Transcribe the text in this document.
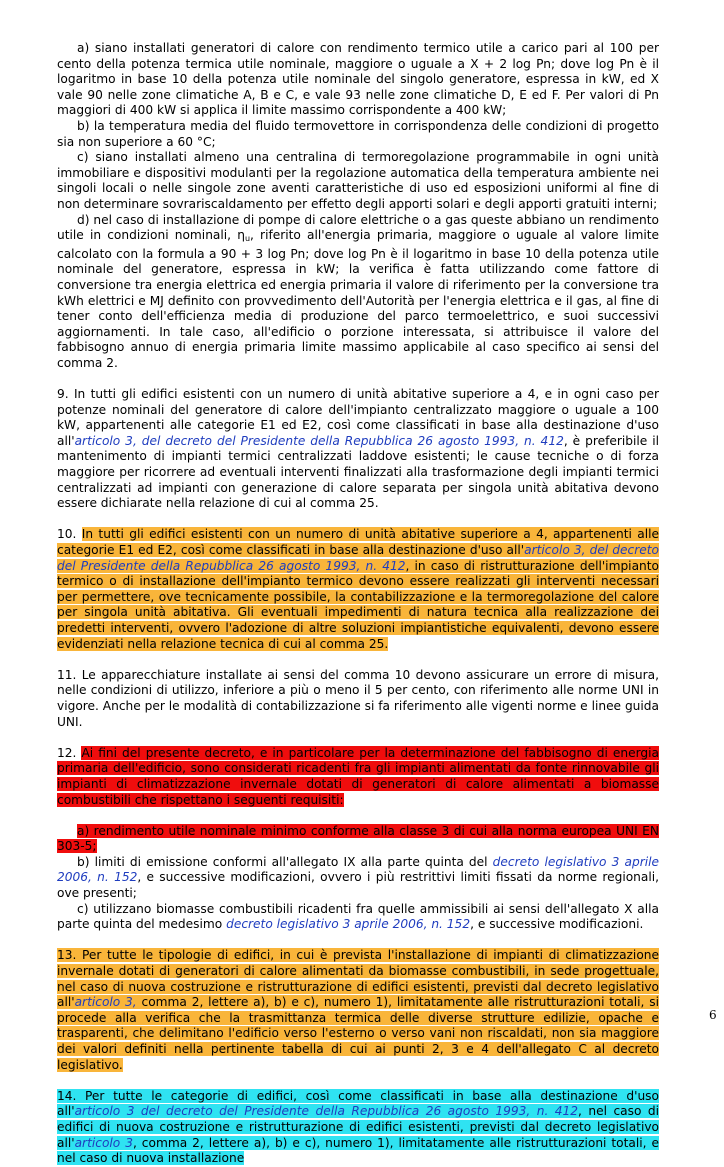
a) siano installati generatori di calore con rendimento termico utile a carico pari al 100 per cento della potenza termica utile nominale, maggiore o uguale a X + 2 log Pn; dove log Pn è il logaritmo in base 10 della potenza utile nominale del singolo generatore, espressa in kW, ed X vale 90 nelle zone climatiche A, B e C, e vale 93 nelle zone climatiche D, E ed F. Per valori di Pn maggiori di 400 kW si applica il limite massimo corrispondente a 400 kW;

b) la temperatura media del fluido termovettore in corrispondenza delle condizioni di progetto sia non superiore a 60 °C;

c) siano installati almeno una centralina di termoregolazione programmabile in ogni unità immobiliare e dispositivi modulanti per la regolazione automatica della temperatura ambiente nei singoli locali o nelle singole zone aventi caratteristiche di uso ed esposizioni uniformi al fine di non determinare sovrariscaldamento per effetto degli apporti solari e degli apporti gratuiti interni;

d) nel caso di installazione di pompe di calore elettriche o a gas queste abbiano un rendimento utile in condizioni nominali, $\eta_u$, riferito all'energia primaria, maggiore o uguale al valore limite calcolato con la formula a 90 + 3 log Pn; dove log Pn è il logaritmo in base 10 della potenza utile nominale del generatore, espressa in kW; la verifica è fatta utilizzando come fattore di conversione tra energia elettrica ed energia primaria il valore di riferimento per la conversione tra kWh elettrici e MJ definito con provvedimento dell'Autorità per l'energia elettrica e il gas, al fine di tener conto dell'efficienza media di produzione del parco termoelettrico, e suoi successivi aggiornamenti. In tale caso, all'edificio o porzione interessata, si attribuisce il valore del fabbisogno annuo di energia primaria limite massimo applicabile al caso specifico ai sensi del comma 2.

9. In tutti gli edifici esistenti con un numero di unità abitative superiore a 4, e in ogni caso per potenze nominali del generatore di calore dell'impianto centralizzato maggiore o uguale a 100 kW, appartenenti alle categorie E1 ed E2, così come classificati in base alla destinazione d'uso all'articolo 3, del decreto del Presidente della Repubblica 26 agosto 1993, n. 412, è preferibile il mantenimento di impianti termici centralizzati laddove esistenti; le cause tecniche o di forza maggiore per ricorrere ad eventuali interventi finalizzati alla trasformazione degli impianti termici centralizzati ad impianti con generazione di calore separata per singola unità abitativa devono essere dichiarate nella relazione di cui al comma 25.

10. In tutti gli edifici esistenti con un numero di unità abitative superiore a 4, appartenenti alle categorie E1 ed E2, così come classificati in base alla destinazione d'uso all'articolo 3, del decreto del Presidente della Repubblica 26 agosto 1993, n. 412, in caso di ristrutturazione dell'impianto termico o di installazione dell'impianto termico devono essere realizzati gli interventi necessari per permettere, ove tecnicamente possibile, la contabilizzazione e la termoregolazione del calore per singola unità abitativa. Gli eventuali impedimenti di natura tecnica alla realizzazione dei predetti interventi, ovvero l'adozione di altre soluzioni impiantistiche equivalenti, devono essere evidenziati nella relazione tecnica di cui al comma 25.

11. Le apparecchiature installate ai sensi del comma 10 devono assicurare un errore di misura, nelle condizioni di utilizzo, inferiore a più o meno il 5 per cento, con riferimento alle norme UNI in vigore. Anche per le modalità di contabilizzazione si fa riferimento alle vigenti norme e linee guida UNI.

12. Ai fini del presente decreto, e in particolare per la determinazione del fabbisogno di energia primaria dell'edificio, sono considerati ricadenti fra gli impianti alimentati da fonte rinnovabile gli impianti di climatizzazione invernale dotati di generatori di calore alimentati a biomasse combustibili che rispettano i seguenti requisiti:

a) rendimento utile nominale minimo conforme alla classe 3 di cui alla norma europea UNI EN 303-5;

b) limiti di emissione conformi all'allegato IX alla parte quinta del decreto legislativo 3 aprile 2006, n. 152, e successive modificazioni, ovvero i più restrittivi limiti fissati da norme regionali, ove presenti;

c) utilizzano biomasse combustibili ricadenti fra quelle ammissibili ai sensi dell'allegato X alla parte quinta del medesimo decreto legislativo 3 aprile 2006, n. 152, e successive modificazioni.

13. Per tutte le tipologie di edifici, in cui è prevista l'installazione di impianti di climatizzazione invernale dotati di generatori di calore alimentati da biomasse combustibili, in sede progettuale, nel caso di nuova costruzione e ristrutturazione di edifici esistenti, previsti dal decreto legislativo all'articolo 3, comma 2, lettere a), b) e c), numero 1), limitatamente alle ristrutturazioni totali, si procede alla verifica che la trasmittanza termica delle diverse strutture edilizie, opache e trasparenti, che delimitano l'edificio verso l'esterno o verso vani non riscaldati, non sia maggiore dei valori definiti nella pertinente tabella di cui ai punti 2, 3 e 4 dell'allegato C al decreto legislativo.

14. Per tutte le categorie di edifici, così come classificati in base alla destinazione d'uso all'articolo 3 del decreto del Presidente della Repubblica 26 agosto 1993, n. 412, nel caso di edifici di nuova costruzione e ristrutturazione di edifici esistenti, previsti dal decreto legislativo all'articolo 3, comma 2, lettere a), b) e c), numero 1), limitatamente alle ristrutturazioni totali, e nel caso di nuova installazione

6
